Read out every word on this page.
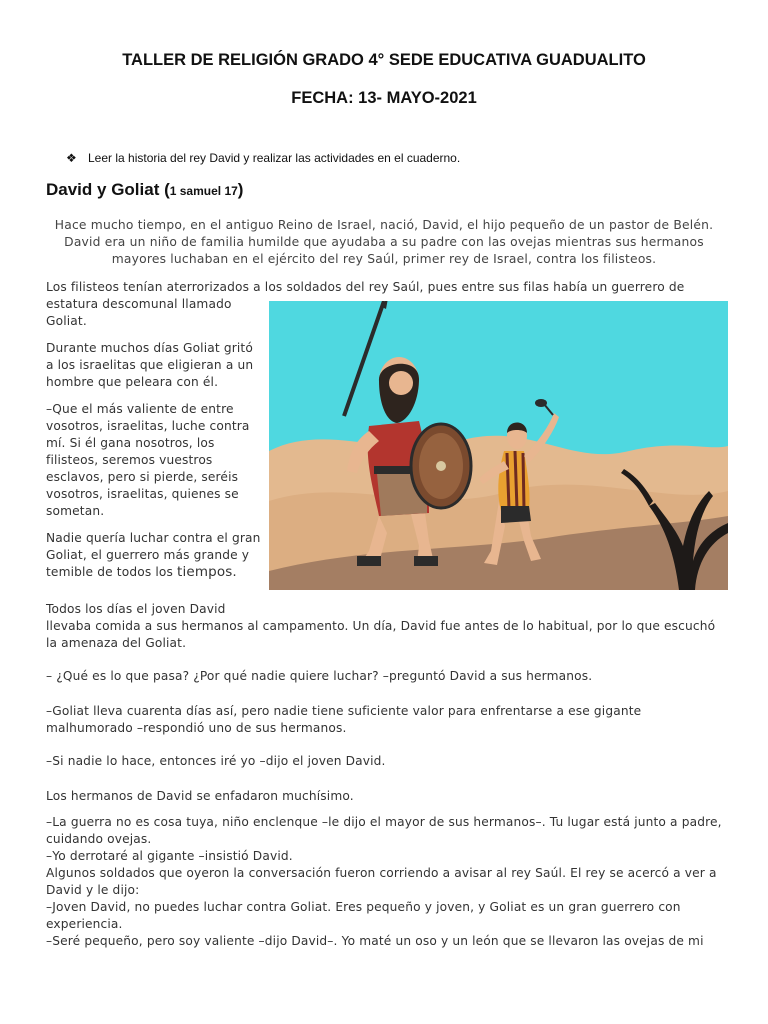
TALLER DE RELIGIÓN GRADO 4° SEDE EDUCATIVA GUADUALITO
FECHA: 13- MAYO-2021
❖ Leer la historia del rey David y realizar las actividades en el cuaderno.
David y Goliat (1 samuel 17)
Hace mucho tiempo, en el antiguo Reino de Israel, nació, David, el hijo pequeño de un pastor de Belén. David era un niño de familia humilde que ayudaba a su padre con las ovejas mientras sus hermanos mayores luchaban en el ejército del rey Saúl, primer rey de Israel, contra los filisteos.
Los filisteos tenían aterrorizados a los soldados del rey Saúl, pues entre sus filas había un guerrero de
estatura descomunal llamado Goliat.
Durante muchos días Goliat gritó a los israelitas que eligieran a un hombre que peleara con él.
–Que el más valiente de entre vosotros, israelitas, luche contra mí. Si él gana nosotros, los filisteos, seremos vuestros esclavos, pero si pierde, seréis vosotros, israelitas, quienes se sometan.
Nadie quería luchar contra el gran Goliat, el guerrero más grande y temible de todos los tiempos.
Todos los días el joven David
llevaba comida a sus hermanos al campamento. Un día, David fue antes de lo habitual, por lo que escuchó la amenaza del Goliat.
– ¿Qué es lo que pasa? ¿Por qué nadie quiere luchar? –preguntó David a sus hermanos.
–Goliat lleva cuarenta días así, pero nadie tiene suficiente valor para enfrentarse a ese gigante malhumorado –respondió uno de sus hermanos.
–Si nadie lo hace, entonces iré yo –dijo el joven David.
Los hermanos de David se enfadaron muchísimo.
–La guerra no es cosa tuya, niño enclenque –le dijo el mayor de sus hermanos–. Tu lugar está junto a padre, cuidando ovejas.
–Yo derrotaré al gigante –insistió David.
Algunos soldados que oyeron la conversación fueron corriendo a avisar al rey Saúl. El rey se acercó a ver a David y le dijo:
–Joven David, no puedes luchar contra Goliat. Eres pequeño y joven, y Goliat es un gran guerrero con experiencia.
–Seré pequeño, pero soy valiente –dijo David–. Yo maté un oso y un león que se llevaron las ovejas de mi
